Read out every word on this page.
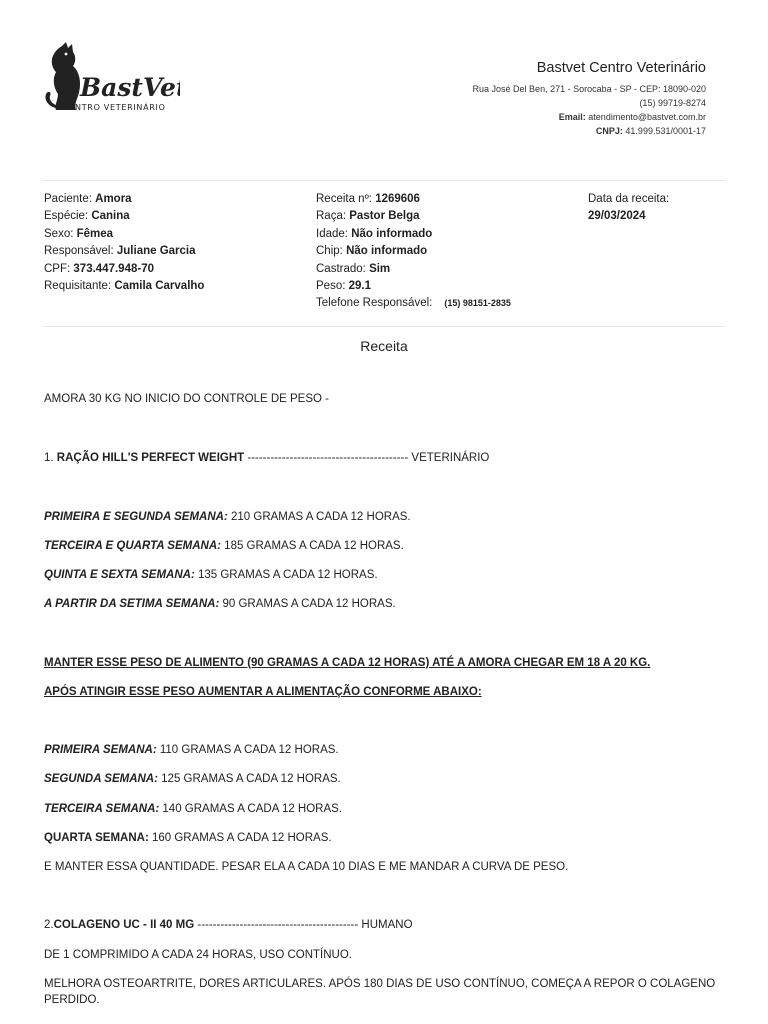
BastVet
CENTRO VETERINÁRIO
Bastvet Centro Veterinário
Rua José Del Ben, 271 - Sorocaba - SP - CEP: 18090-020
(15) 99719-8274
Email: atendimento@bastvet.com.br
CNPJ: 41.999.531/0001-17
Paciente: Amora
Espécie: Canina
Sexo: Fêmea
Responsável: Juliane Garcia
CPF: 373.447.948-70
Requisitante: Camila Carvalho
Receita nº: 1269606
Raça: Pastor Belga
Idade: Não informado
Chip: Não informado
Castrado: Sim
Peso: 29.1
Telefone Responsável: (15) 98151-2835
Data da receita:
29/03/2024
Receita
AMORA 30 KG NO INICIO DO CONTROLE DE PESO -
1. RAÇÃO HILL'S PERFECT WEIGHT ------------------------------------------ VETERINÁRIO
PRIMEIRA E SEGUNDA SEMANA: 210 GRAMAS A CADA 12 HORAS.
TERCEIRA E QUARTA SEMANA: 185 GRAMAS A CADA 12 HORAS.
QUINTA E SEXTA SEMANA: 135 GRAMAS A CADA 12 HORAS.
A PARTIR DA SETIMA SEMANA: 90 GRAMAS A CADA 12 HORAS.
MANTER ESSE PESO DE ALIMENTO (90 GRAMAS A CADA 12 HORAS) ATÉ A AMORA CHEGAR EM 18 A 20 KG.
APÓS ATINGIR ESSE PESO AUMENTAR A ALIMENTAÇÃO CONFORME ABAIXO:
PRIMEIRA SEMANA: 110 GRAMAS A CADA 12 HORAS.
SEGUNDA SEMANA: 125 GRAMAS A CADA 12 HORAS.
TERCEIRA SEMANA: 140 GRAMAS A CADA 12 HORAS.
QUARTA SEMANA: 160 GRAMAS A CADA 12 HORAS.
E MANTER ESSA QUANTIDADE. PESAR ELA A CADA 10 DIAS E ME MANDAR A CURVA DE PESO.
2.COLAGENO UC - II 40 MG ------------------------------------------ HUMANO
DE 1 COMPRIMIDO A CADA 24 HORAS, USO CONTÍNUO.
MELHORA OSTEOARTRITE, DORES ARTICULARES. APÓS 180 DIAS DE USO CONTÍNUO, COMEÇA A REPOR O COLAGENO PERDIDO.
